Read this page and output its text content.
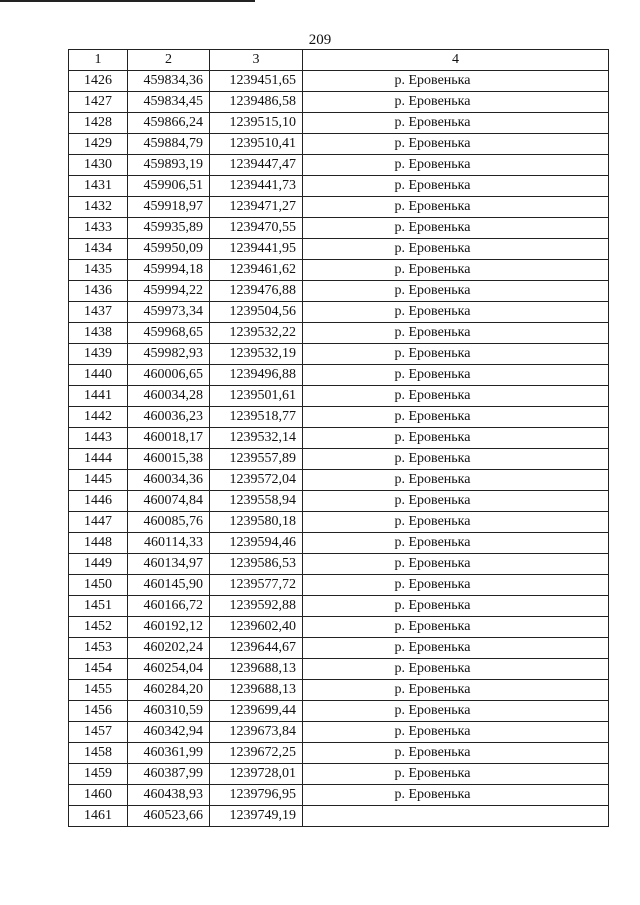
209
1	2	3	4
1426	459834,36	1239451,65	р. Еровенька
1427	459834,45	1239486,58	р. Еровенька
1428	459866,24	1239515,10	р. Еровенька
1429	459884,79	1239510,41	р. Еровенька
1430	459893,19	1239447,47	р. Еровенька
1431	459906,51	1239441,73	р. Еровенька
1432	459918,97	1239471,27	р. Еровенька
1433	459935,89	1239470,55	р. Еровенька
1434	459950,09	1239441,95	р. Еровенька
1435	459994,18	1239461,62	р. Еровенька
1436	459994,22	1239476,88	р. Еровенька
1437	459973,34	1239504,56	р. Еровенька
1438	459968,65	1239532,22	р. Еровенька
1439	459982,93	1239532,19	р. Еровенька
1440	460006,65	1239496,88	р. Еровенька
1441	460034,28	1239501,61	р. Еровенька
1442	460036,23	1239518,77	р. Еровенька
1443	460018,17	1239532,14	р. Еровенька
1444	460015,38	1239557,89	р. Еровенька
1445	460034,36	1239572,04	р. Еровенька
1446	460074,84	1239558,94	р. Еровенька
1447	460085,76	1239580,18	р. Еровенька
1448	460114,33	1239594,46	р. Еровенька
1449	460134,97	1239586,53	р. Еровенька
1450	460145,90	1239577,72	р. Еровенька
1451	460166,72	1239592,88	р. Еровенька
1452	460192,12	1239602,40	р. Еровенька
1453	460202,24	1239644,67	р. Еровенька
1454	460254,04	1239688,13	р. Еровенька
1455	460284,20	1239688,13	р. Еровенька
1456	460310,59	1239699,44	р. Еровенька
1457	460342,94	1239673,84	р. Еровенька
1458	460361,99	1239672,25	р. Еровенька
1459	460387,99	1239728,01	р. Еровенька
1460	460438,93	1239796,95	р. Еровенька
1461	460523,66	1239749,19	
